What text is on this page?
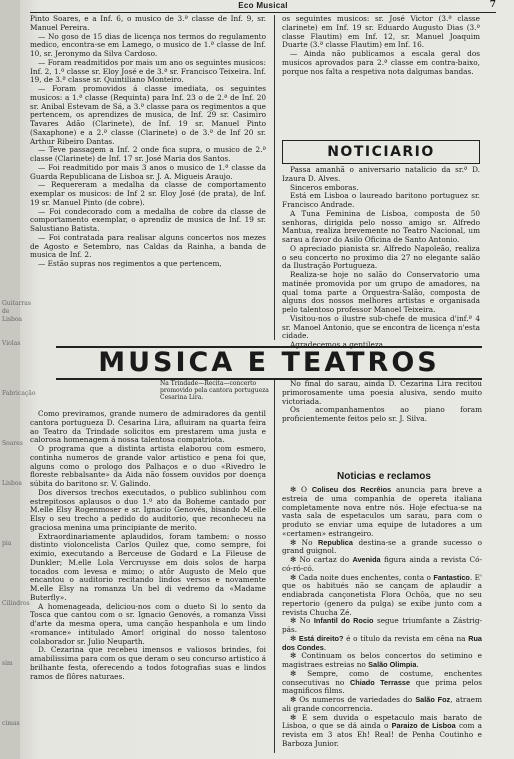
Guitarras de Lisboa
Violas
Fabricação
Soares
Lisboa
pia
Cilindros
sim
cimas
Eco Musical	7

Pinto Soares, e a Inf. 6, o musico de 3.ª classe de Inf. 9, sr. Manuel Pereira.

— No goso de 15 dias de licença nos termos do regulamento medico, encontra-se em Lamego, o musico de 1.ª classe de Inf. 10, sr. Jeronymo da Silva Cardoso.

— Foram readmitidos por mais um ano os seguintes musicos: Inf. 2, 1.º classe sr. Eloy José e de 3.ª sr. Francisco Teixeira. Inf. 19, de 3.ª classe sr. Quintiliano Monteiro.

— Foram promovidos á classe imediata, os seguintes musicos: a 1.ª classe (Requinta) para Inf. 23 o de 2.ª de Inf. 20 sr. Anibal Estevam de Sá, a 3.ª classe para os regimentos a que pertencem, os aprendizes de musica, de Inf. 29 sr. Casimiro Tavares Adão (Clarinete), de Inf. 19 sr. Manuel Pinto (Saxaphone) e a 2.ª classe (Clarinete) o de 3.ª de Inf 20 sr. Arthur Ribeiro Dantas.

— Teve passagem a Inf. 2 onde fica supra, o musico de 2.ª classe (Clarinete) de Inf. 17 sr. José Maria dos Santos.

— Foi readmitido por mais 3 anos o musico de 1.ª classe da Guarda Republicana de Lisboa sr. J. A. Migueis Araujo.

— Requereram a medalha da classe de comportamento exemplar os musicos: de Inf 2 sr. Eloy José (de prata), de Inf. 19 sr. Manuel Pinto (de cobre).

— Foi condecorado com a medalha de cobre da classe de comportamento exemplar, o aprendiz de musica de Inf. 19 sr. Salustiano Batista.

— Foi contratada para realisar alguns concertos nos mezes de Agosto e Setembro, nas Caldas da Rainha, a banda de musica de Inf. 2.

— Estão supras nos regimentos a que pertencem,

os seguintes musicos: sr. José Victor (3.ª classe clarinete) em Inf. 19 sr. Eduardo Augusto Dias (3.ª classe Flautim) em Inf. 12, sr. Manuel Joaquim Duarte (3.ª classe Flautim) em Inf. 16.

— Ainda não publicamos a escala geral dos musicos aprovados para 2.ª classe em contra-baixo, porque nos falta a respetiva nota dalgumas bandas.

NOTICIARIO

Passa amanhã o aniversario natalicio da sr.ª D. Izaura D. Alves.

Sinceros emboras.

Está em Lisboa o laureado baritono portuguez sr. Francisco Andrade.

A Tuna Feminina de Lisboa, composta de 50 senhoras, dirigida pelo nosso amigo sr. Alfredo Mantua, realiza brevemente no Teatro Nacional, um sarau a favor do Asilo Oficina de Santo Antonio.

O apreciado pianista sr. Alfredo Napoleão, realiza o seu concerto no proximo dia 27 no elegante salão da Ilustração Portugueza.

Realiza-se hoje no salão do Conservatorio uma matinée promovida por um grupo de amadores, na qual toma parte a Orquestra-Salão, composta de alguns dos nossos melhores artistas e organisada pelo talentoso professor Manoel Teixeira.

Visitou-nos o ilustre sub-chefe de musica d'inf.ª 4 sr. Manoel Antonio, que se encontra de licença n'esta cidade.

Agradecemos a gentileza.

MUSICA E TEATROS
Na Trindade—Recita—concerto promovido pela cantora portugueza Cesarina Lira.

Como previramos, grande numero de admiradores da gentil cantora portugueza D. Cesarina Lira, afluiram na quarta feira ao Teatro da Trindade solicitos em prestarem uma justa e calorosa homenagem á nossa talentosa compatriota.

O programa que a distinta artista elaborou com esmero, continha numeros de grande valor artistico e pena foi que, alguns como o prologo dos Palhaços e o duo «Rivedro le floreste rebbalsante» da Aida não fossem ouvidos por doença súbita do baritono sr. V. Galindo.

Dos diversos trechos executados, o publico sublinhou com estrepitosos aplausos o duo 1.º ato da Boheme cantado por M.elle Elsy Rogenmoser e sr. Ignacio Genovés, bisando M.elle Elsy o seu trecho a pedido do auditorio, que reconheceu na graciosa menina uma principiante de merito.

Extraordinariamente aplaudidos, foram tambem: o nosso distinto violoncelista Carlos Quilez que, como sempre, foi eximio, executando a Berceuse de Godard e La Fileuse de Dunkler; M.elle Lola Vercruysse em dois solos de harpa tocados com levesa e mimo; o atôr Augusto de Melo que encantou o auditorio recitando lindos versos e novamente M.elle Elsy na romanza Un bel di vedremo da «Madame Buterfly».

A homenageada, deliciou-nos com o dueto Si lo sento da Tosca que cantou com o sr. Ignacio Genovés, a romanza Vissi d'arte da mesma opera, uma canção hespanhola e um lindo «romance» intitulado Amor! original do nosso talentoso colaborador sr. Julio Neuparth.

D. Cezarina que recebeu imensos e valiosos brindes, foi amabilissima para com os que deram o seu concurso artistico á brilhante festa, oferecendo a todos fotografias suas e lindos ramos de flôres naturaes.

No final do sarau, ainda D. Cezarina Lira recitou primorosamente uma poesia alusiva, sendo muito victoriada.

Os acompanhamentos ao piano foram proficientemente feitos pelo sr. J. Silva.

Noticias e reclamos

✻ O Coliseu dos Recrêios anuncia para breve a estreia de uma companhia de opereta italiana completamente nova entre nós. Hoje efectua-se na vasta sala de espetaculos um sarau, para com o produto se enviar uma equipe de lutadores a um «certamen» estrangeiro.

✻ No Republica destina-se a grande sucesso o grand guignol.

✻ No cartaz do Avenida figura ainda a revista Có-có-ró-có.

✻ Cada noite dues enchentes, conta o Fantastico. E' que os habitués não se cançam de aplaudir a endiabrada cançonetista Flora Ochôa, que no seu repertorio (genero da pulga) se exibe junto com a revista Chucha Zé.

✻ No Infantil do Rocio segue triumfante a Zástrig-pás.

✻ Está direito? é o título da revista em cêna na Rua dos Condes.

✻ Continuam os belos concertos do setimino e magistraes estreias no Salão Olimpia.

✻ Sempre, como de costume, enchentes consecutivas no Chiado Terrasse que prima pelos magnificos films.

✻ Os numeros de variedades do Salão Foz, atraem ali grande concorrencia.

✻ E sem duvida o espetaculo mais barato de Lisboa, o que se dá ainda o Paraizo de Lisboa com a revista em 3 atos Eh! Real! de Penha Coutinho e Barboza Junior.
